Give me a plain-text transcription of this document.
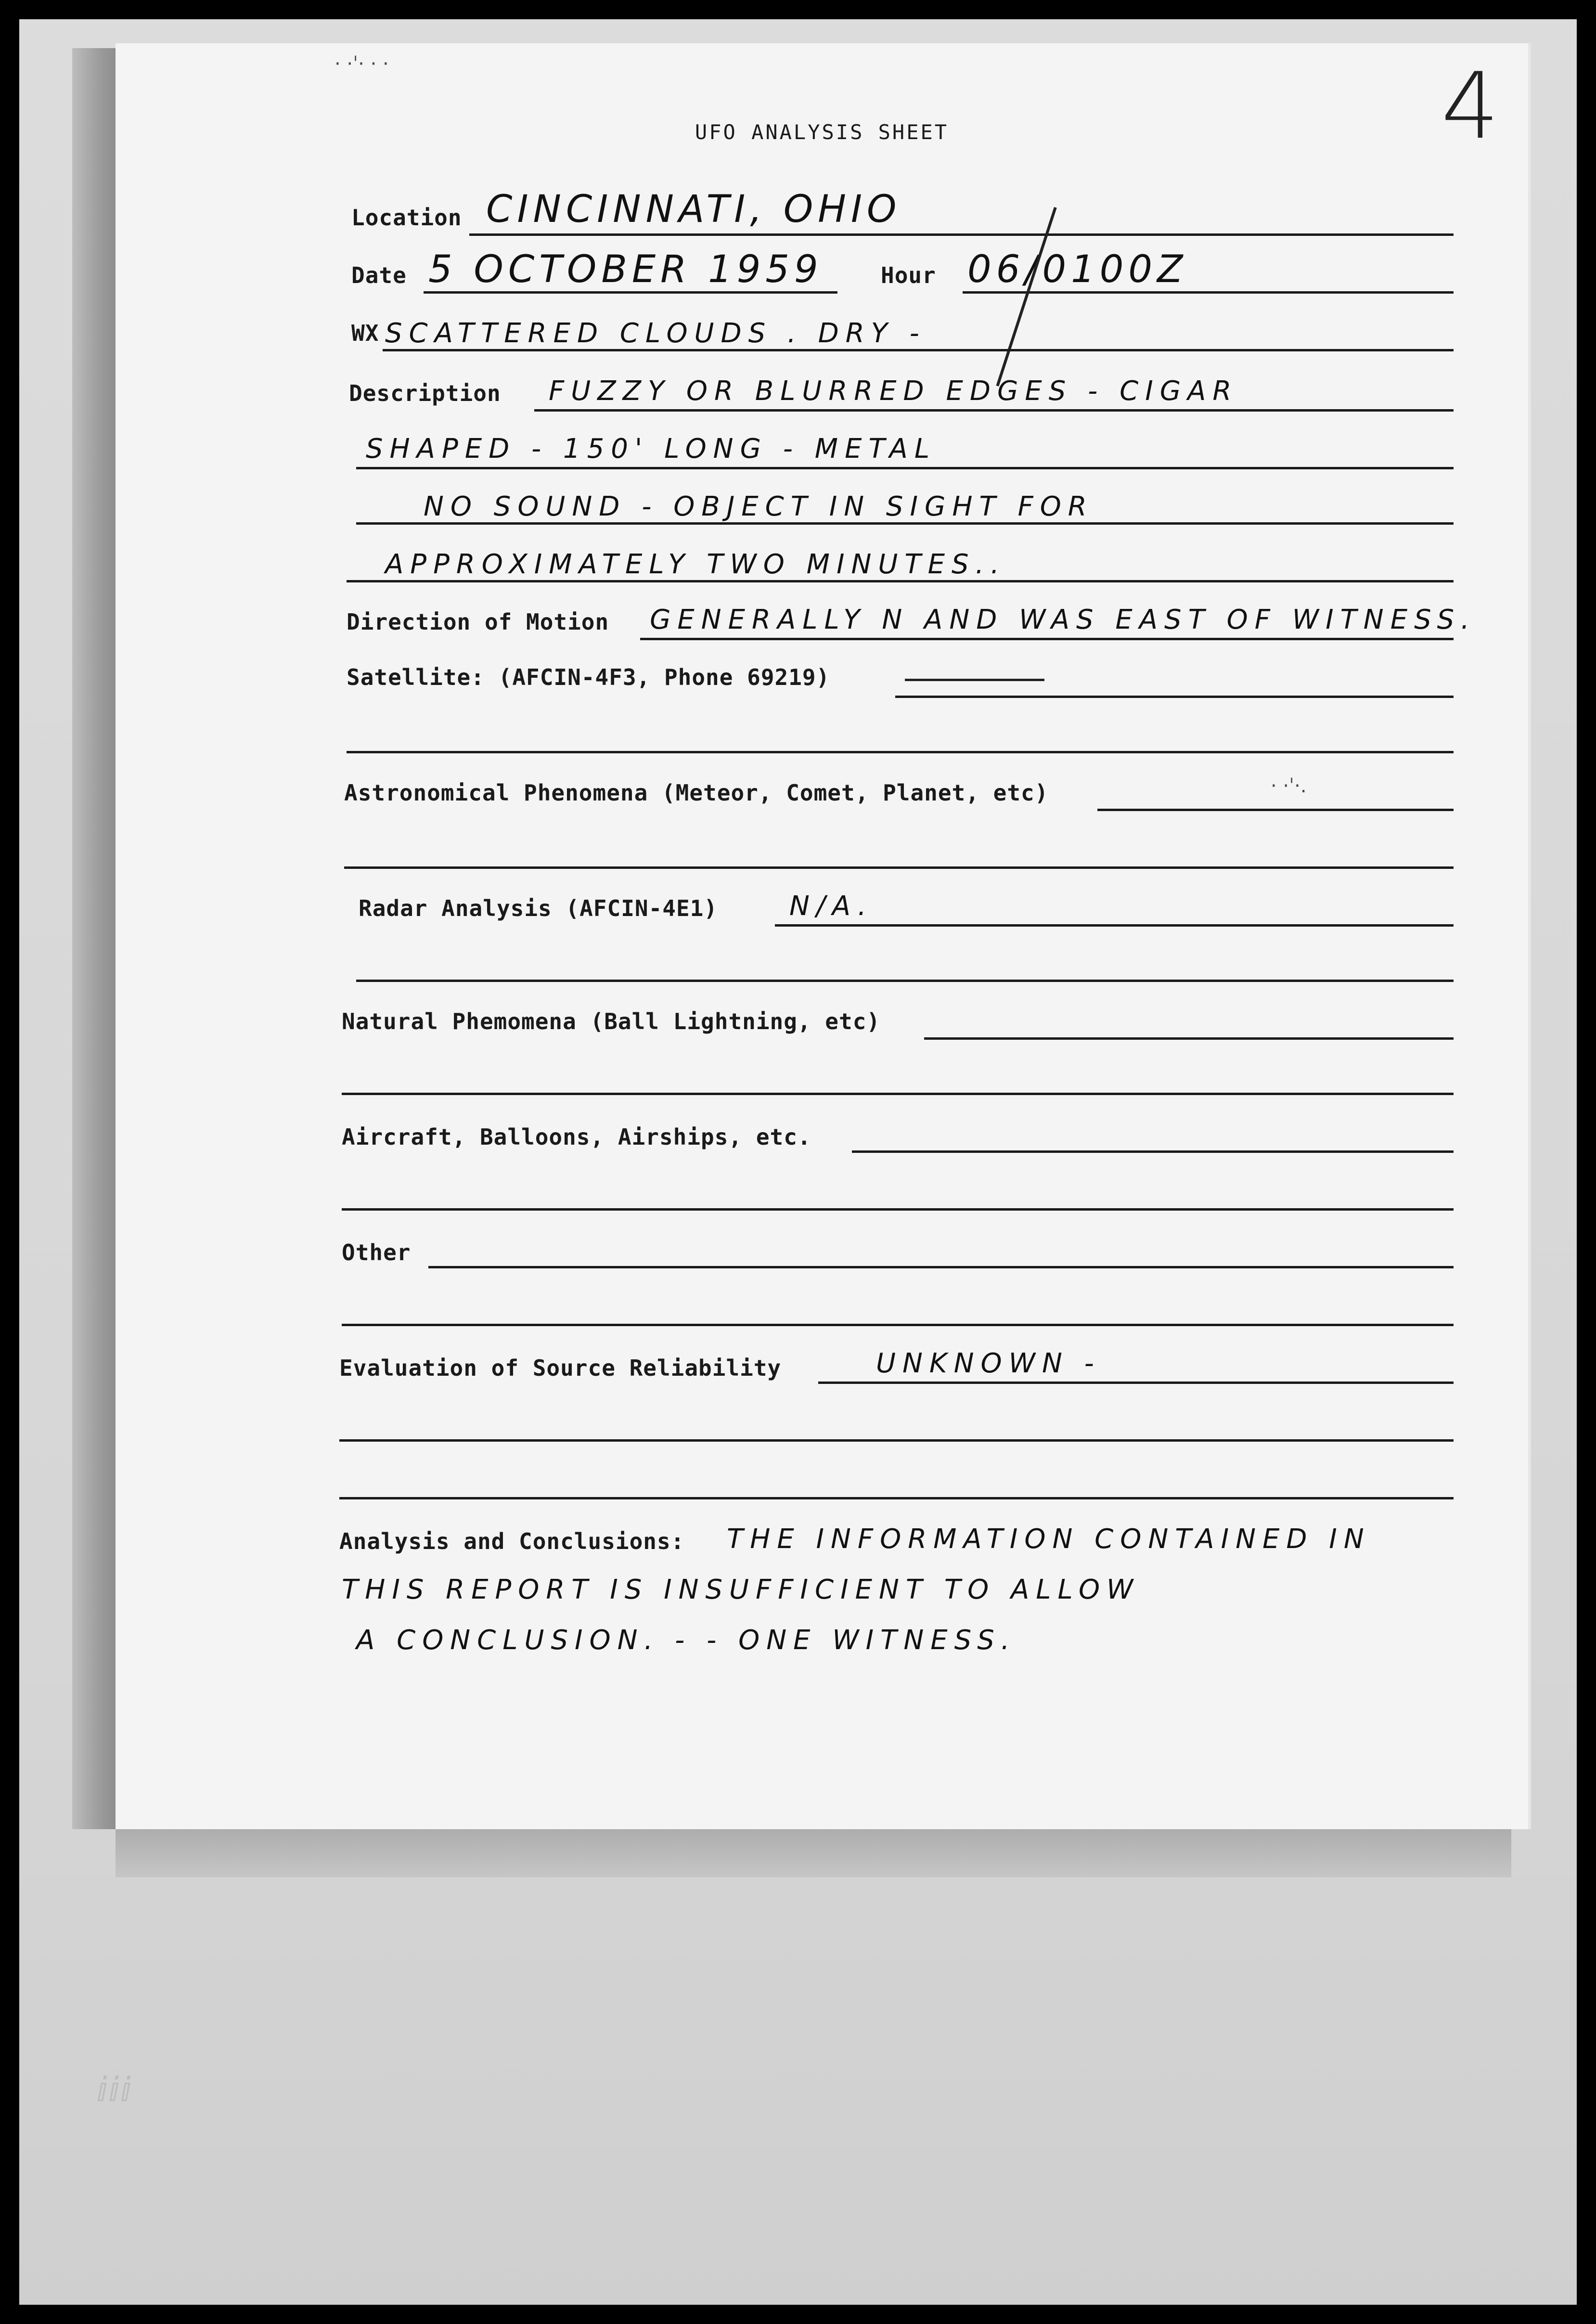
· ·ˈ· · ·	4
UFO ANALYSIS SHEET
Location CINCINNATI, OHIO
Date 5 OCTOBER 1959	Hour 06/0100Z
WX SCATTERED CLOUDS . DRY -
Description FUZZY OR BLURRED EDGES - CIGAR
SHAPED - 150' LONG - METAL
NO SOUND - OBJECT IN SIGHT FOR
APPROXIMATELY TWO MINUTES..
Direction of Motion GENERALLY N AND WAS EAST OF WITNESS.
Satellite: (AFCIN-4F3, Phone 69219)
Astronomical Phenomena (Meteor, Comet, Planet, etc)	· ·ˈ·.
Radar Analysis (AFCIN-4E1)	N/A.
Natural Phemomena (Ball Lightning, etc)
Aircraft, Balloons, Airships, etc.
Other
Evaluation of Source Reliability	UNKNOWN -
Analysis and Conclusions: THE INFORMATION CONTAINED IN
THIS REPORT IS INSUFFICIENT TO ALLOW
A CONCLUSION. - - ONE WITNESS.
ⅈⅈⅈ
